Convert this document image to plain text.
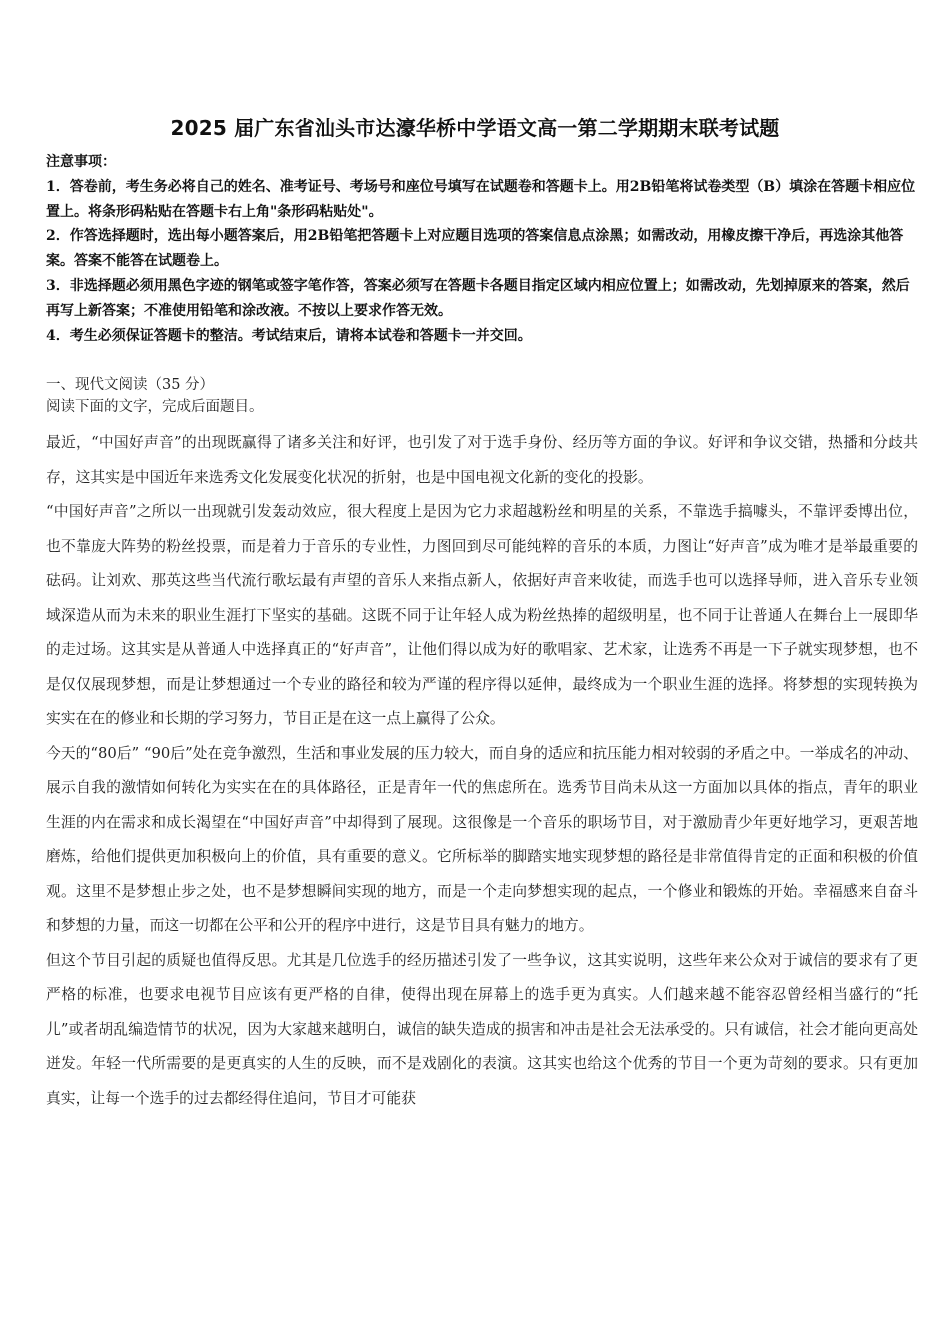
2025 届广东省汕头市达濠华桥中学语文高一第二学期期末联考试题

注意事项：

1．答卷前，考生务必将自己的姓名、准考证号、考场号和座位号填写在试题卷和答题卡上。用2B铅笔将试卷类型（B）填涂在答题卡相应位置上。将条形码粘贴在答题卡右上角"条形码粘贴处"。

2．作答选择题时，选出每小题答案后，用2B铅笔把答题卡上对应题目选项的答案信息点涂黑；如需改动，用橡皮擦干净后，再选涂其他答案。答案不能答在试题卷上。

3．非选择题必须用黑色字迹的钢笔或签字笔作答，答案必须写在答题卡各题目指定区域内相应位置上；如需改动，先划掉原来的答案，然后再写上新答案；不准使用铅笔和涂改液。不按以上要求作答无效。

4．考生必须保证答题卡的整洁。考试结束后，请将本试卷和答题卡一并交回。

一、现代文阅读（35 分）

阅读下面的文字，完成后面题目。

最近，“中国好声音”的出现既赢得了诸多关注和好评，也引发了对于选手身份、经历等方面的争议。好评和争议交错，热播和分歧共存，这其实是中国近年来选秀文化发展变化状况的折射，也是中国电视文化新的变化的投影。

“中国好声音”之所以一出现就引发轰动效应，很大程度上是因为它力求超越粉丝和明星的关系，不靠选手搞噱头，不靠评委博出位，也不靠庞大阵势的粉丝投票，而是着力于音乐的专业性，力图回到尽可能纯粹的音乐的本质，力图让“好声音”成为唯才是举最重要的砝码。让刘欢、那英这些当代流行歌坛最有声望的音乐人来指点新人，依据好声音来收徒，而选手也可以选择导师，进入音乐专业领域深造从而为未来的职业生涯打下坚实的基础。这既不同于让年轻人成为粉丝热捧的超级明星，也不同于让普通人在舞台上一展即华的走过场。这其实是从普通人中选择真正的“好声音”，让他们得以成为好的歌唱家、艺术家，让选秀不再是一下子就实现梦想，也不是仅仅展现梦想，而是让梦想通过一个专业的路径和较为严谨的程序得以延伸，最终成为一个职业生涯的选择。将梦想的实现转换为实实在在的修业和长期的学习努力，节目正是在这一点上赢得了公众。

今天的“80后” “90后”处在竞争激烈，生活和事业发展的压力较大，而自身的适应和抗压能力相对较弱的矛盾之中。一举成名的冲动、展示自我的激情如何转化为实实在在的具体路径，正是青年一代的焦虑所在。选秀节目尚未从这一方面加以具体的指点，青年的职业生涯的内在需求和成长渴望在“中国好声音”中却得到了展现。这很像是一个音乐的职场节目，对于激励青少年更好地学习，更艰苦地磨炼，给他们提供更加积极向上的价值，具有重要的意义。它所标举的脚踏实地实现梦想的路径是非常值得肯定的正面和积极的价值观。这里不是梦想止步之处，也不是梦想瞬间实现的地方，而是一个走向梦想实现的起点，一个修业和锻炼的开始。幸福感来自奋斗和梦想的力量，而这一切都在公平和公开的程序中进行，这是节目具有魅力的地方。

但这个节目引起的质疑也值得反思。尤其是几位选手的经历描述引发了一些争议，这其实说明，这些年来公众对于诚信的要求有了更严格的标准，也要求电视节目应该有更严格的自律，使得出现在屏幕上的选手更为真实。人们越来越不能容忍曾经相当盛行的“托儿”或者胡乱编造情节的状况，因为大家越来越明白，诚信的缺失造成的损害和冲击是社会无法承受的。只有诚信，社会才能向更高处迸发。年轻一代所需要的是更真实的人生的反映，而不是戏剧化的表演。这其实也给这个优秀的节目一个更为苛刻的要求。只有更加真实，让每一个选手的过去都经得住追问，节目才可能获
